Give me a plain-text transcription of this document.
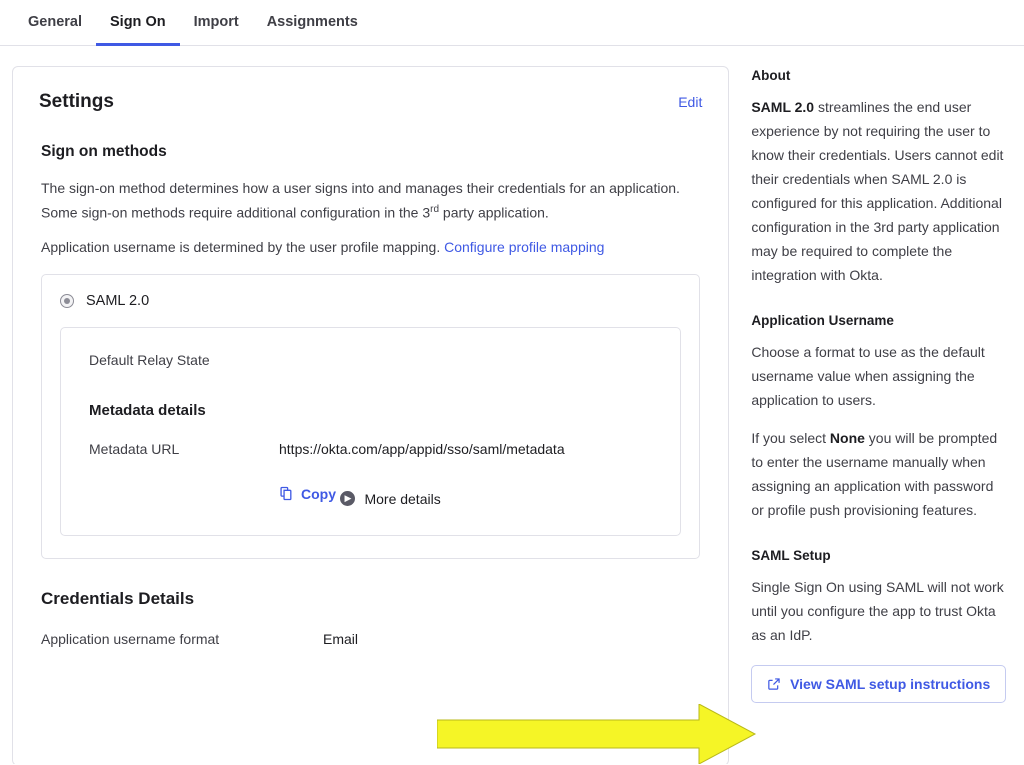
General Sign On Import Assignments
Settings	Edit
Sign on methods

The sign-on method determines how a user signs into and manages their credentials for an application. Some sign-on methods require additional configuration in the 3rd party application.

Application username is determined by the user profile mapping. Configure profile mapping

SAML 2.0
Default Relay State
Metadata details
Metadata URL	https://okta.com/app/appid/sso/saml/metadata
Copy
▶ More details
Credentials Details
Application username format	Email
About

SAML 2.0 streamlines the end user experience by not requiring the user to know their credentials. Users cannot edit their credentials when SAML 2.0 is configured for this application. Additional configuration in the 3rd party application may be required to complete the integration with Okta.

Application Username

Choose a format to use as the default username value when assigning the application to users.

If you select None you will be prompted to enter the username manually when assigning an application with password or profile push provisioning features.

SAML Setup

Single Sign On using SAML will not work until you configure the app to trust Okta as an IdP.

View SAML setup instructions
